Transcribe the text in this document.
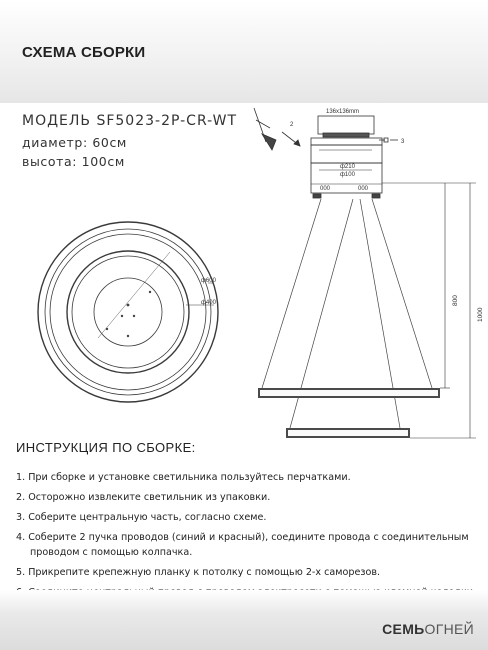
СХЕМА СБОРКИ
МОДЕЛЬ SF5023-2P-CR-WT
диаметр: 60см
высота: 100см
ф600
ф400
136x136mm
ф210
ф100
000	000
3
2
800
1000
ИНСТРУКЦИЯ ПО СБОРКЕ:
1. При сборке и установке светильника пользуйтесь перчатками.
2. Осторожно извлеките светильник из упаковки.
3. Соберите центральную часть, согласно схеме.
4. Соберите 2 пучка проводов (синий и красный), соедините провода с соединительным
проводом с помощью колпачка.
5. Прикрепите крепежную планку к потолку с помощью 2-х саморезов.
СЕМЬОГНЕЙ
